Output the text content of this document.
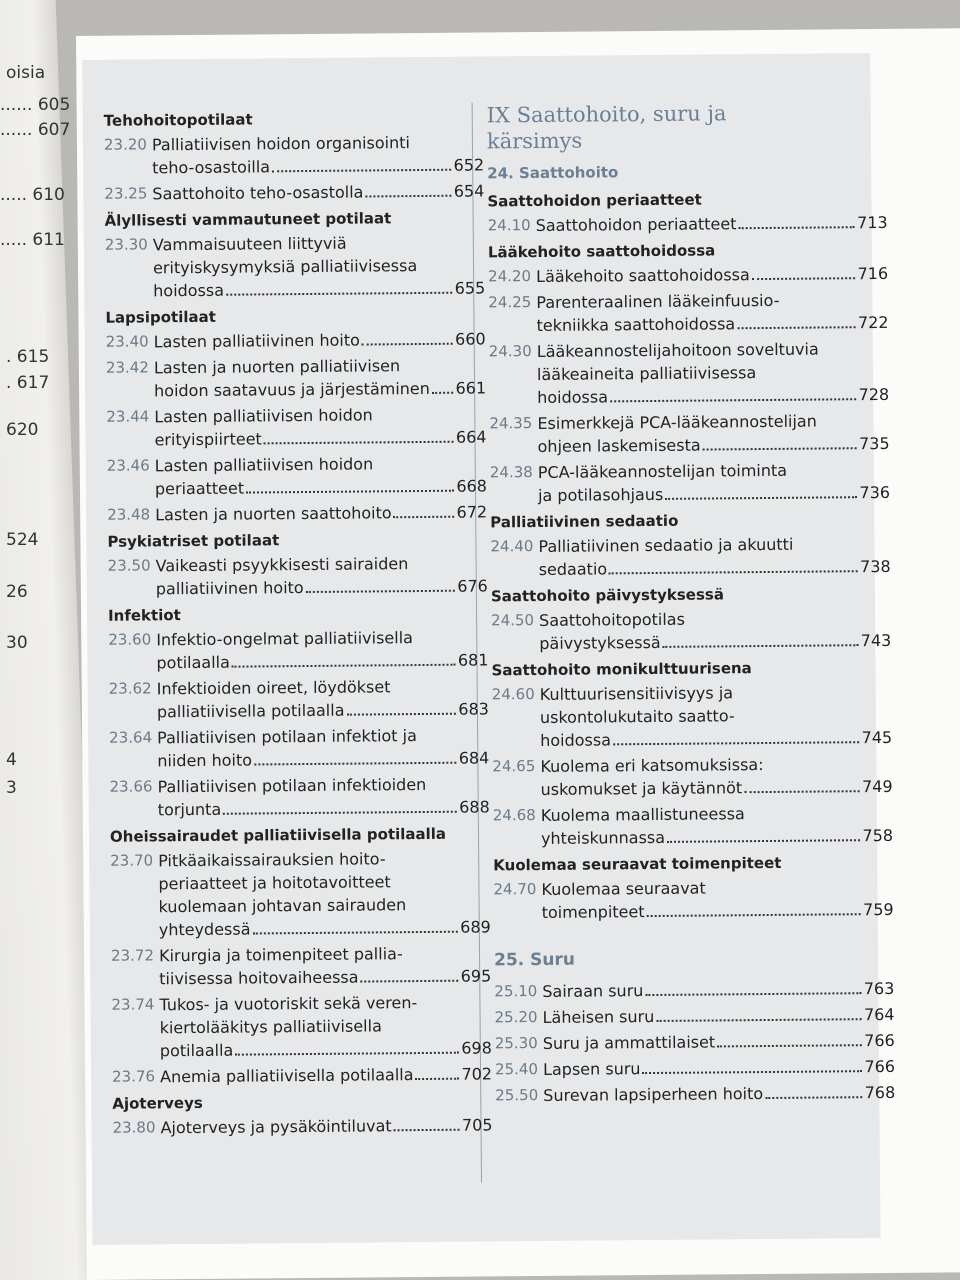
oisia
...... 605
...... 607
..... 610
..... 611
. 615
. 617
620
524
26
30
4
3
Tehohoitopotilaat
23.20 Palliatiivisen hoidon organisointi
teho-osastoilla	652
23.25 Saattohoito teho-osastolla	654
Älyllisesti vammautuneet potilaat
23.30 Vammaisuuteen liittyviä
erityiskysymyksiä palliatiivisessa
hoidossa	655
Lapsipotilaat
23.40 Lasten palliatiivinen hoito	660
23.42 Lasten ja nuorten palliatiivisen
hoidon saatavuus ja järjestäminen 661
23.44 Lasten palliatiivisen hoidon
erityispiirteet	664
23.46 Lasten palliatiivisen hoidon
periaatteet	668
23.48 Lasten ja nuorten saattohoito	672
Psykiatriset potilaat
23.50 Vaikeasti psyykkisesti sairaiden
palliatiivinen hoito	676
Infektiot
23.60 Infektio-ongelmat palliatiivisella
potilaalla	681
23.62 Infektioiden oireet, löydökset
palliatiivisella potilaalla	683
23.64 Palliatiivisen potilaan infektiot ja
niiden hoito	684
23.66 Palliatiivisen potilaan infektioiden
torjunta	688
Oheissairaudet palliatiivisella potilaalla
23.70 Pitkäaikaissairauksien hoito-
periaatteet ja hoitotavoitteet
kuolemaan johtavan sairauden
yhteydessä	689
23.72 Kirurgia ja toimenpiteet pallia-
tiivisessa hoitovaiheessa	695
23.74 Tukos- ja vuotoriskit sekä veren-
kiertolääkitys palliatiivisella
potilaalla	698
23.76 Anemia palliatiivisella potilaalla	702
Ajoterveys
23.80 Ajoterveys ja pysäköintiluvat	705
IX Saattohoito, suru ja
kärsimys
24. Saattohoito
Saattohoidon periaatteet
24.10 Saattohoidon periaatteet	713
Lääkehoito saattohoidossa
24.20 Lääkehoito saattohoidossa	716
24.25 Parenteraalinen lääkeinfuusio-
tekniikka saattohoidossa	722
24.30 Lääkeannostelijahoitoon soveltuvia
lääkeaineita palliatiivisessa
hoidossa	728
24.35 Esimerkkejä PCA-lääkeannostelijan
ohjeen laskemisesta	735
24.38 PCA-lääkeannostelijan toiminta
ja potilasohjaus	736
Palliatiivinen sedaatio
24.40 Palliatiivinen sedaatio ja akuutti
sedaatio	738
Saattohoito päivystyksessä
24.50 Saattohoitopotilas
päivystyksessä	743
Saattohoito monikulttuurisena
24.60 Kulttuurisensitiivisyys ja
uskontolukutaito saatto-
hoidossa	745
24.65 Kuolema eri katsomuksissa:
uskomukset ja käytännöt	749
24.68 Kuolema maallistuneessa
yhteiskunnassa	758
Kuolemaa seuraavat toimenpiteet
24.70 Kuolemaa seuraavat
toimenpiteet	759
25. Suru
25.10 Sairaan suru	763
25.20 Läheisen suru	764
25.30 Suru ja ammattilaiset	766
25.40 Lapsen suru	766
25.50 Surevan lapsiperheen hoito	768
